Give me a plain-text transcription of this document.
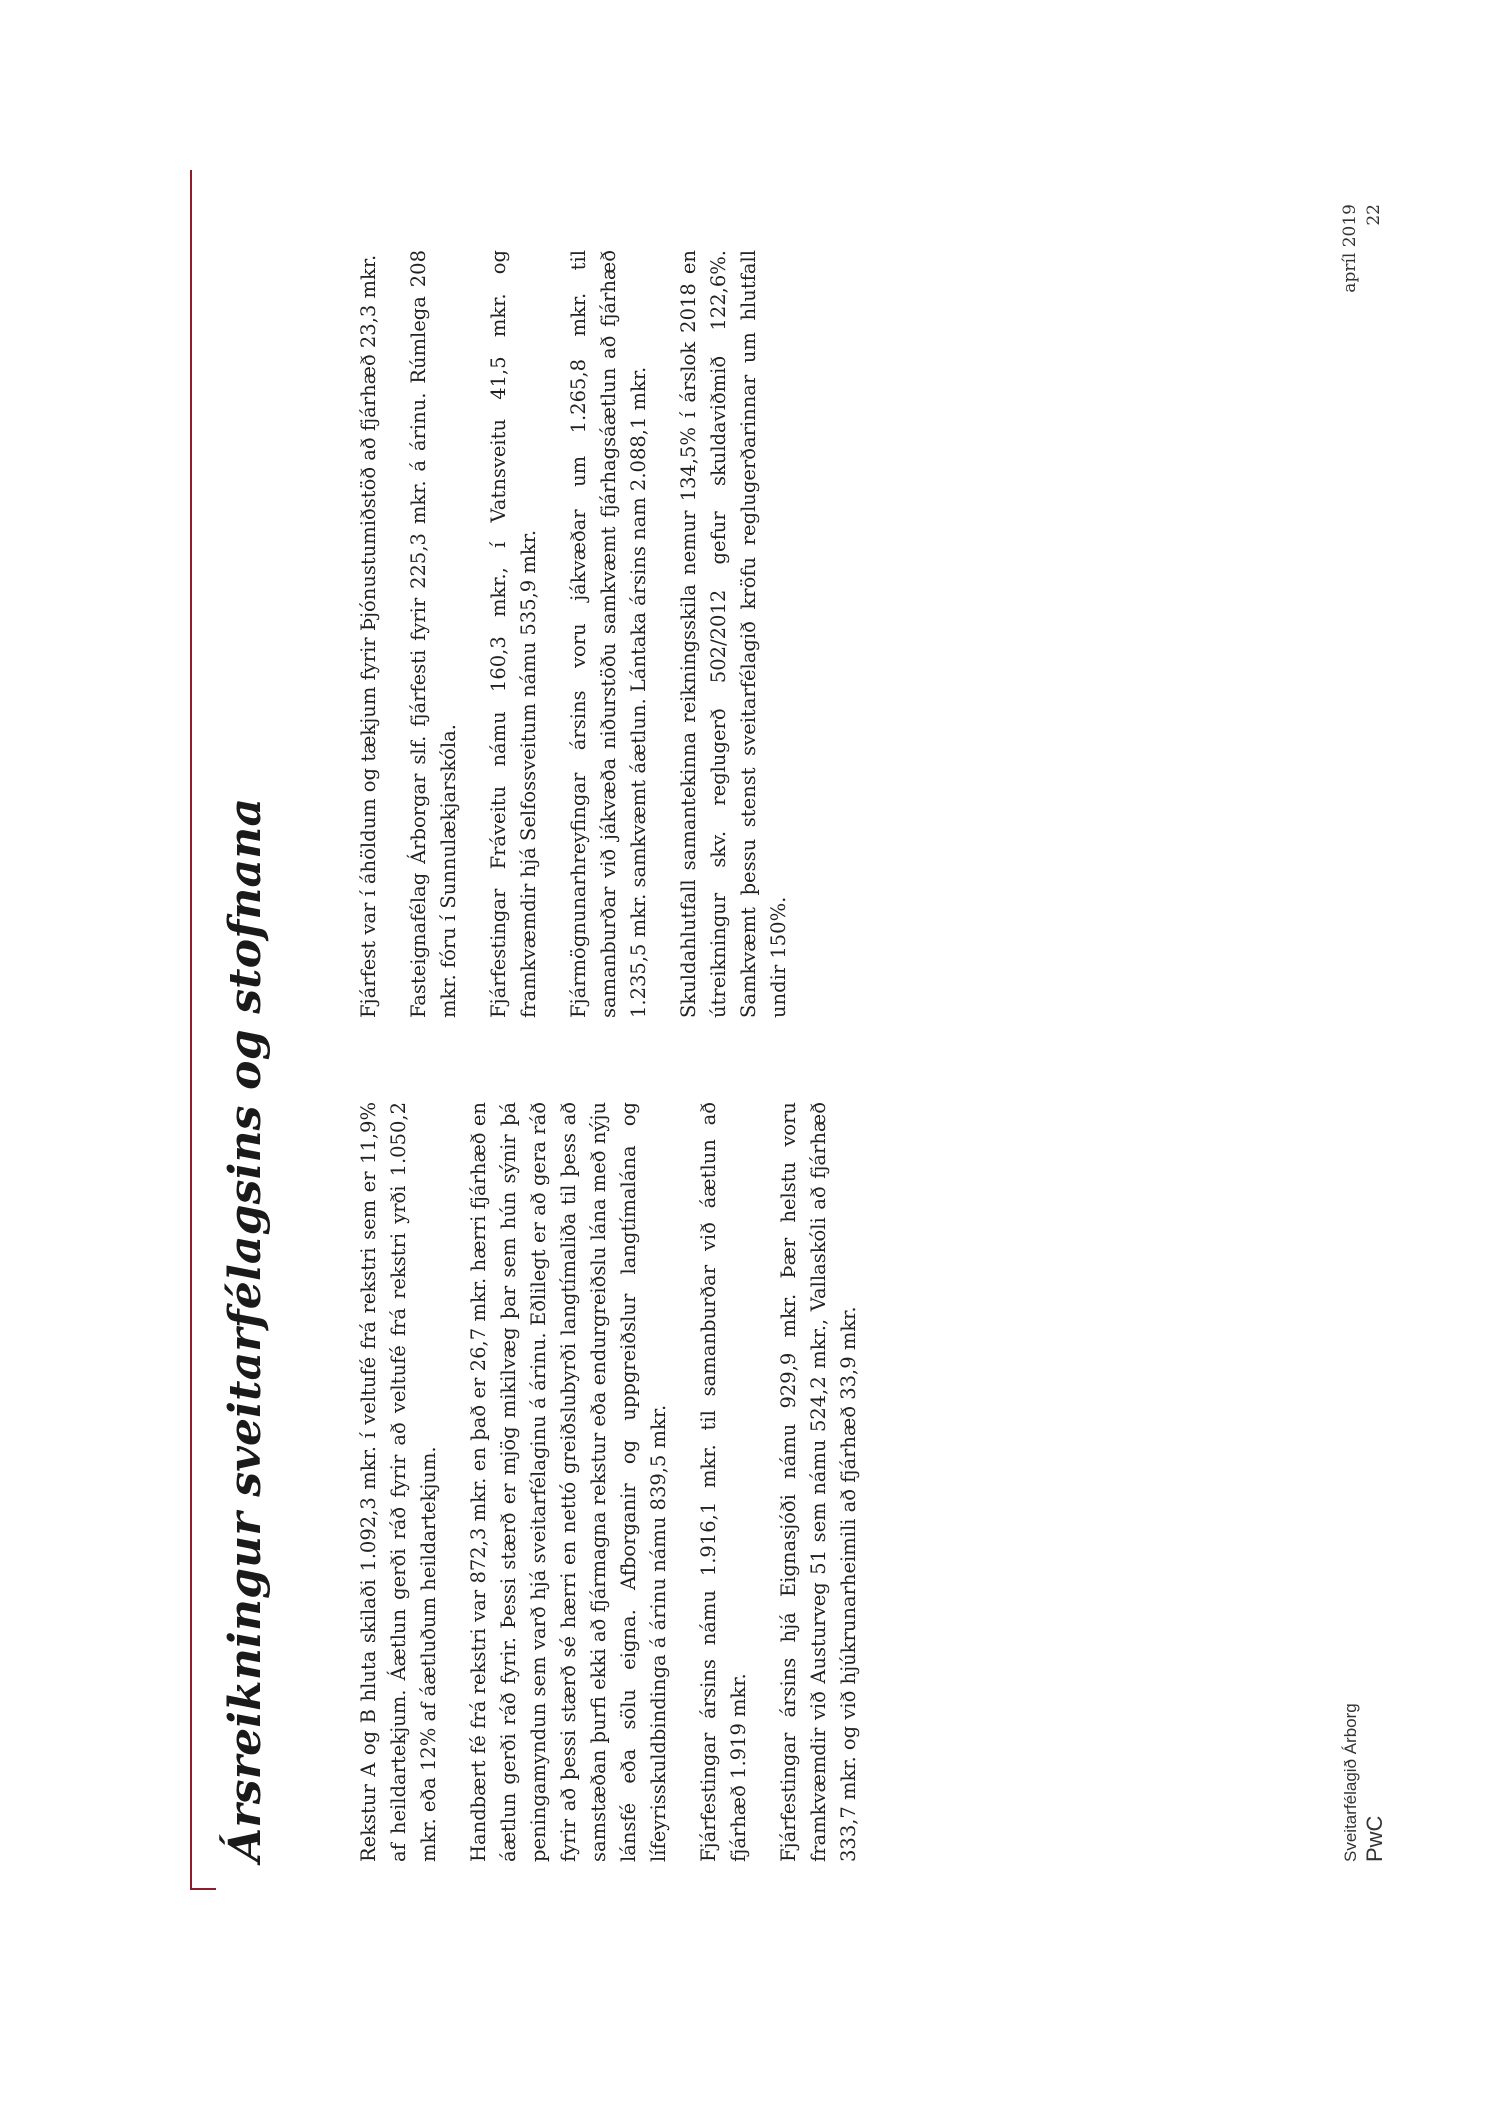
Ársreikningur sveitarfélagsins og stofnana	Rekstur A og B hluta skilaði 1.092,3 mkr. í veltufé frá rekstri sem er 11,9% af heildartekjum. Áætlun gerði ráð fyrir að veltufé frá rekstri yrði 1.050,2 mkr. eða 12% af áætluðum heildartekjum. Handbært fé frá rekstri var 872,3 mkr. en það er 26,7 mkr. hærri fjárhæð en áætlun gerði ráð fyrir. Þessi stærð er mjög mikilvæg þar sem hún sýnir þá peningamyndun sem varð hjá sveitarfélaginu á árinu. Eðlilegt er að gera ráð fyrir að þessi stærð sé hærri en nettó greiðslubyrði langtímaliða til þess að samstæðan þurfi ekki að fjármagna rekstur eða endurgreiðslu lána með nýju lánsfé eða sölu eigna. Afborganir og uppgreiðslur langtímalána og lífeyrisskuldbindinga á árinu námu 839,5 mkr. Fjárfestingar ársins námu 1.916,1 mkr. til samanburðar við áætlun að fjárhæð 1.919 mkr. Fjárfestingar ársins hjá Eignasjóði námu 929,9 mkr. Þær helstu voru framkvæmdir við Austurveg 51 sem námu 524,2 mkr., Vallaskóli að fjárhæð 333,7 mkr. og við hjúkrunarheimili að fjárhæð 33,9 mkr.

Fjárfest var í áhöldum og tækjum fyrir Þjónustumiðstöð að fjárhæð 23,3 mkr. Fasteignafélag Árborgar slf. fjárfesti fyrir 225,3 mkr. á árinu. Rúmlega 208 mkr. fóru í Sunnulækjarskóla. Fjárfestingar Fráveitu námu 160,3 mkr., í Vatnsveitu 41,5 mkr. og framkvæmdir hjá Selfossveitum námu 535,9 mkr. Fjármögnunarhreyfingar ársins voru jákvæðar um 1.265,8 mkr. til samanburðar við jákvæða niðurstöðu samkvæmt fjárhagsáætlun að fjárhæð 1.235,5 mkr. samkvæmt áætlun. Lántaka ársins nam 2.088,1 mkr. Skuldahlutfall samantekinna reikningsskila nemur 134,5% í árslok 2018 en útreikningur skv. reglugerð 502/2012 gefur skuldaviðmið 122,6%. Samkvæmt þessu stenst sveitarfélagið kröfu reglugerðarinnar um hlutfall undir 150%.

Sveitarfélagið Árborg PwC
apríl 2019 22
